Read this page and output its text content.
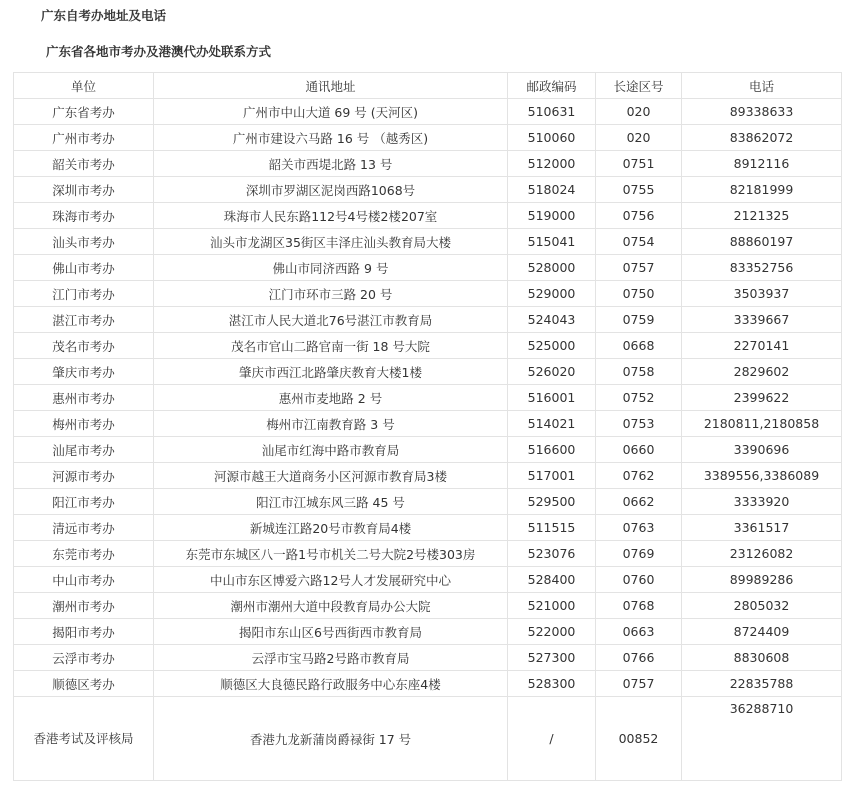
广东自考办地址及电话
广东省各地市考办及港澳代办处联系方式
单位	通讯地址	邮政编码	长途区号	电话
广东省考办	广州市中山大道 69 号 (天河区)	510631	020	89338633
广州市考办	广州市建设六马路 16 号 （越秀区)	510060	020	83862072
韶关市考办	韶关市西堤北路 13 号	512000	0751	8912116
深圳市考办	深圳市罗湖区泥岗西路1068号	518024	0755	82181999
珠海市考办	珠海市人民东路112号4号楼2楼207室	519000	0756	2121325
汕头市考办	汕头市龙湖区35街区丰泽庄汕头教育局大楼	515041	0754	88860197
佛山市考办	佛山市同济西路 9 号	528000	0757	83352756
江门市考办	江门市环市三路 20 号	529000	0750	3503937
湛江市考办	湛江市人民大道北76号湛江市教育局	524043	0759	3339667
茂名市考办	茂名市官山二路官南一街 18 号大院	525000	0668	2270141
肇庆市考办	肇庆市西江北路肇庆教育大楼1楼	526020	0758	2829602
惠州市考办	惠州市麦地路 2 号	516001	0752	2399622
梅州市考办	梅州市江南教育路 3 号	514021	0753	2180811,2180858
汕尾市考办	汕尾市红海中路市教育局	516600	0660	3390696
河源市考办	河源市越王大道商务小区河源市教育局3楼	517001	0762	3389556,3386089
阳江市考办	阳江市江城东风三路 45 号	529500	0662	3333920
清远市考办	新城连江路20号市教育局4楼	511515	0763	3361517
东莞市考办	东莞市东城区八一路1号市机关二号大院2号楼303房	523076	0769	23126082
中山市考办	中山市东区博爱六路12号人才发展研究中心	528400	0760	89989286
潮州市考办	潮州市潮州大道中段教育局办公大院	521000	0768	2805032
揭阳市考办	揭阳市东山区6号西街西市教育局	522000	0663	8724409
云浮市考办	云浮市宝马路2号路市教育局	527300	0766	8830608
顺德区考办	顺德区大良德民路行政服务中心东座4楼	528300	0757	22835788
香港考试及评核局	香港九龙新蒲岗爵禄街 17 号	/	00852	36288710
